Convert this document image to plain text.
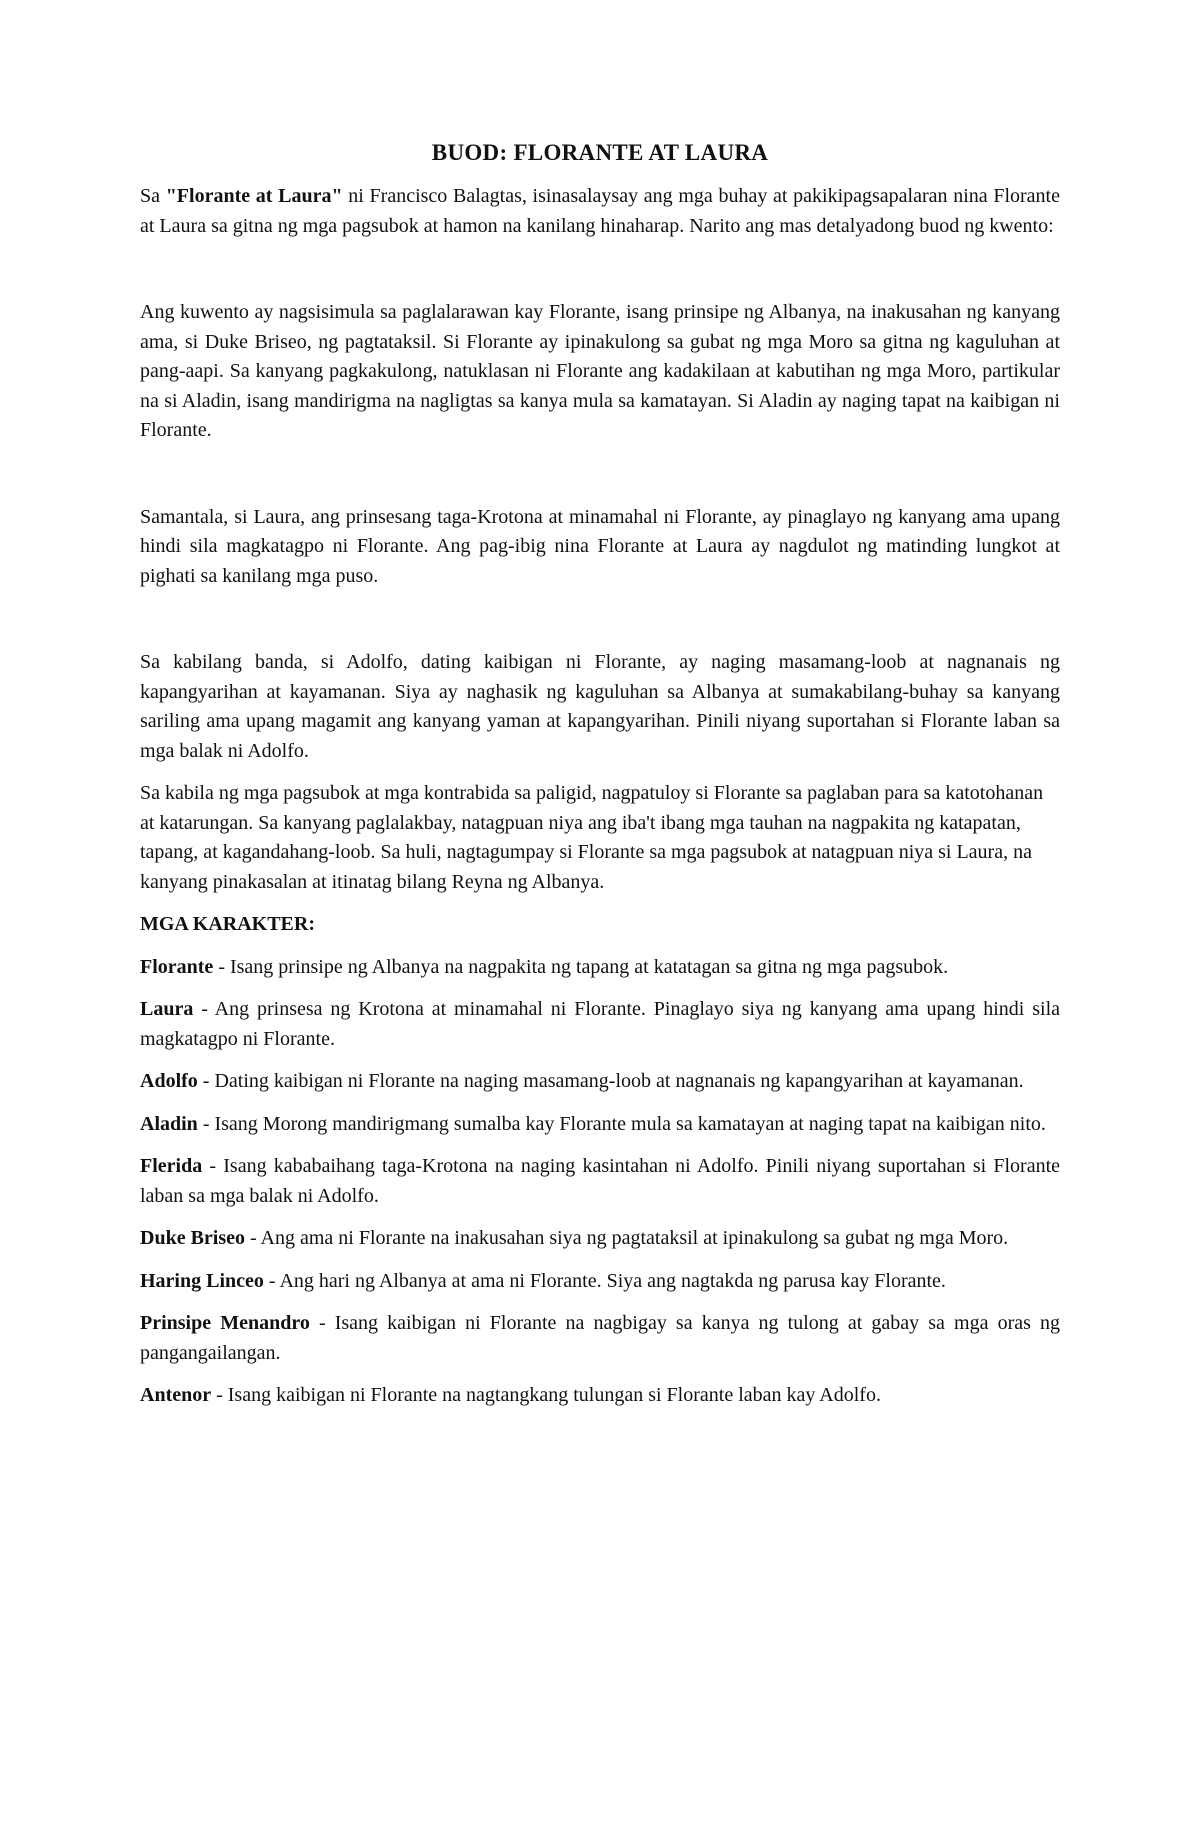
BUOD: FLORANTE AT LAURA

Sa "Florante at Laura" ni Francisco Balagtas, isinasalaysay ang mga buhay at pakikipagsapalaran nina Florante at Laura sa gitna ng mga pagsubok at hamon na kanilang hinaharap. Narito ang mas detalyadong buod ng kwento:

Ang kuwento ay nagsisimula sa paglalarawan kay Florante, isang prinsipe ng Albanya, na inakusahan ng kanyang ama, si Duke Briseo, ng pagtataksil. Si Florante ay ipinakulong sa gubat ng mga Moro sa gitna ng kaguluhan at pang-aapi. Sa kanyang pagkakulong, natuklasan ni Florante ang kadakilaan at kabutihan ng mga Moro, partikular na si Aladin, isang mandirigma na nagligtas sa kanya mula sa kamatayan. Si Aladin ay naging tapat na kaibigan ni Florante.

Samantala, si Laura, ang prinsesang taga-Krotona at minamahal ni Florante, ay pinaglayo ng kanyang ama upang hindi sila magkatagpo ni Florante. Ang pag-ibig nina Florante at Laura ay nagdulot ng matinding lungkot at pighati sa kanilang mga puso.

Sa kabilang banda, si Adolfo, dating kaibigan ni Florante, ay naging masamang-loob at nagnanais ng kapangyarihan at kayamanan. Siya ay naghasik ng kaguluhan sa Albanya at sumakabilang-buhay sa kanyang sariling ama upang magamit ang kanyang yaman at kapangyarihan. Pinili niyang suportahan si Florante laban sa mga balak ni Adolfo.

Sa kabila ng mga pagsubok at mga kontrabida sa paligid, nagpatuloy si Florante sa paglaban para sa katotohanan at katarungan. Sa kanyang paglalakbay, natagpuan niya ang iba't ibang mga tauhan na nagpakita ng katapatan, tapang, at kagandahang-loob. Sa huli, nagtagumpay si Florante sa mga pagsubok at natagpuan niya si Laura, na kanyang pinakasalan at itinatag bilang Reyna ng Albanya.

MGA KARAKTER:

Florante - Isang prinsipe ng Albanya na nagpakita ng tapang at katatagan sa gitna ng mga pagsubok.

Laura - Ang prinsesa ng Krotona at minamahal ni Florante. Pinaglayo siya ng kanyang ama upang hindi sila magkatagpo ni Florante.

Adolfo - Dating kaibigan ni Florante na naging masamang-loob at nagnanais ng kapangyarihan at kayamanan.

Aladin - Isang Morong mandirigmang sumalba kay Florante mula sa kamatayan at naging tapat na kaibigan nito.

Flerida - Isang kababaihang taga-Krotona na naging kasintahan ni Adolfo. Pinili niyang suportahan si Florante laban sa mga balak ni Adolfo.

Duke Briseo - Ang ama ni Florante na inakusahan siya ng pagtataksil at ipinakulong sa gubat ng mga Moro.

Haring Linceo - Ang hari ng Albanya at ama ni Florante. Siya ang nagtakda ng parusa kay Florante.

Prinsipe Menandro - Isang kaibigan ni Florante na nagbigay sa kanya ng tulong at gabay sa mga oras ng pangangailangan.

Antenor - Isang kaibigan ni Florante na nagtangkang tulungan si Florante laban kay Adolfo.
